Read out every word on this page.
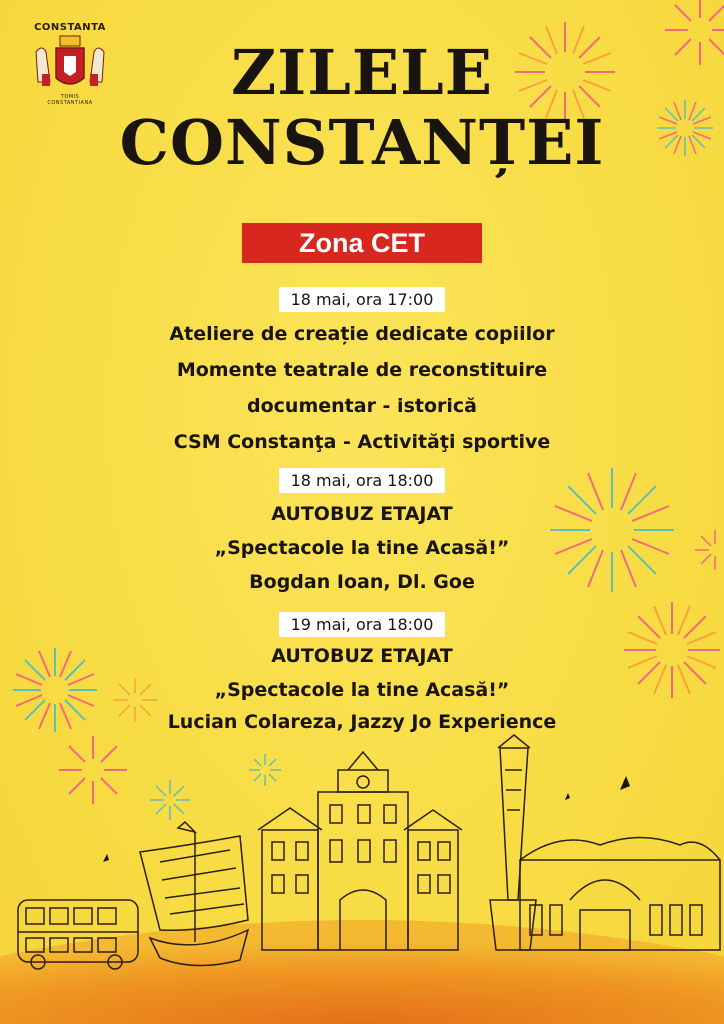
CONSTANTA
TOMIS
CONSTANTIANA	ZILELE
CONSTANȚEI
Zona CET
18 mai, ora 17:00
Ateliere de creație dedicate copiilor
Momente teatrale de reconstituire
documentar - istorică
CSM Constanţa - Activităţi sportive
18 mai, ora 18:00
AUTOBUZ ETAJAT
„Spectacole la tine Acasă!”
Bogdan Ioan, Dl. Goe
19 mai, ora 18:00
AUTOBUZ ETAJAT
„Spectacole la tine Acasă!”
Lucian Colareza, Jazzy Jo Experience
